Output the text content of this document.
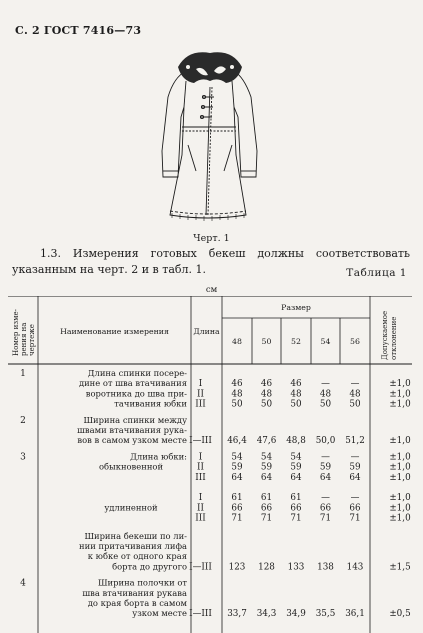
С. 2 ГОСТ 7416—73
Черт. 1
1.3. Измерения готовых бекеш должны соответствовать указанным на черт. 2 и в табл. 1.	Таблица 1
см
Номер изме- рения на чертеже	Наименование измерения	Длина
Размер
48	50	52	54	56	Допускаемое отклонение
1	Длина спинки посере-
дине от шва втачивания
воротника до шва при-
тачивания юбки
I	46 46 46 — —	±1,0
II	48 48 48 48 48	±1,0
III	50 50 50 50 50	±1,0
2	Ширина спинки между
швами втачивания рука-
вов в самом узком месте I—III 46,4 47,6 48,8 50,0 51,2	±1,0
3	Длина юбки:
обыкновенной
I	54 54 54 — —	±1,0
II	59 59 59 59 59	±1,0
III	64 64 64 64 64	±1,0
удлиненной
I	61 61 61 — —	±1,0
II	66 66 66 66 66	±1,0
III	71 71 71 71 71	±1,0
Ширина бекеши по ли-
нии притачивания лифа
к юбке от одного края
борта до другого I—III 123 128 133 138 143	±1,5
4	Ширина полочки от
шва втачивания рукава
до края борта в самом
узком месте I—III 33,7 34,3 34,9 35,5 36,1	±0,5
